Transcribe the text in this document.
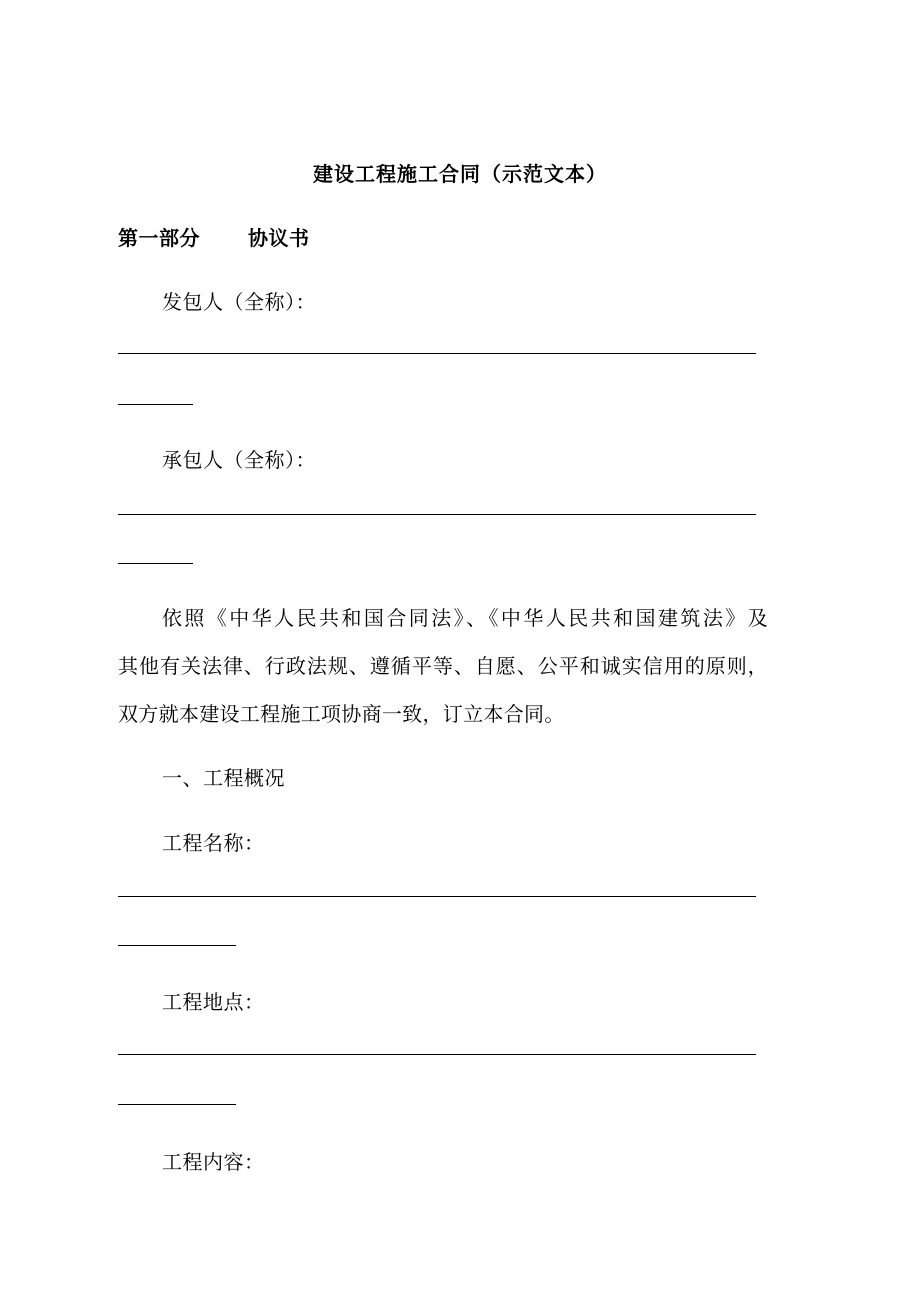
建设工程施工合同（示范文本）
第一部分 协议书
发包人（全称）：
承包人（全称）：
依照《中华人民共和国合同法》、《中华人民共和国建筑法》及
其他有关法律、行政法规、遵循平等、自愿、公平和诚实信用的原则，
双方就本建设工程施工项协商一致，订立本合同。
一、工程概况
工程名称：
工程地点：
工程内容：
